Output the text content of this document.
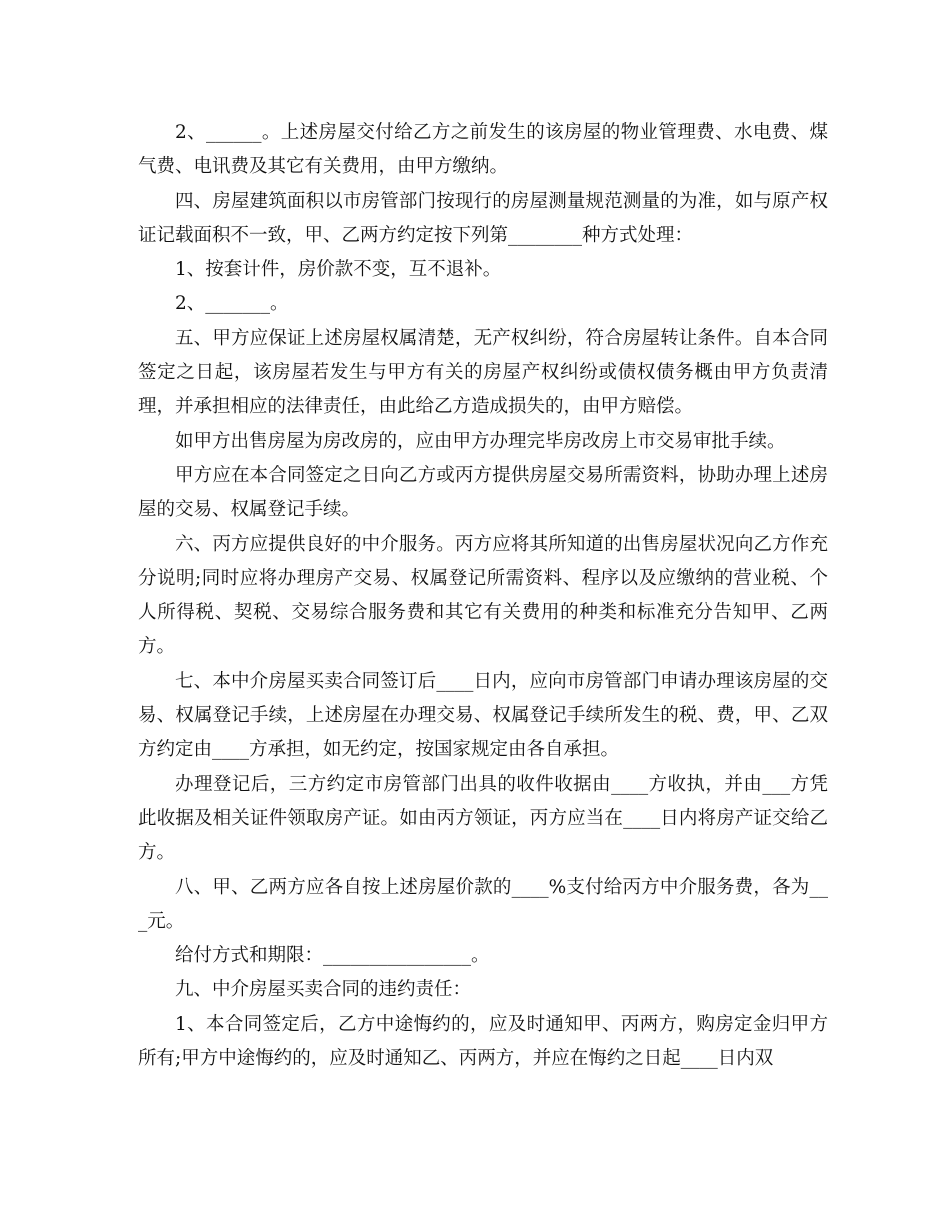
2、______。上述房屋交付给乙方之前发生的该房屋的物业管理费、水电费、煤气费、电讯费及其它有关费用，由甲方缴纳。

四、房屋建筑面积以市房管部门按现行的房屋测量规范测量的为准，如与原产权证记载面积不一致，甲、乙两方约定按下列第________种方式处理：

1、按套计件，房价款不变，互不退补。

2、_______。

五、甲方应保证上述房屋权属清楚，无产权纠纷，符合房屋转让条件。自本合同签定之日起，该房屋若发生与甲方有关的房屋产权纠纷或债权债务概由甲方负责清理，并承担相应的法律责任，由此给乙方造成损失的，由甲方赔偿。

如甲方出售房屋为房改房的，应由甲方办理完毕房改房上市交易审批手续。

甲方应在本合同签定之日向乙方或丙方提供房屋交易所需资料，协助办理上述房屋的交易、权属登记手续。

六、丙方应提供良好的中介服务。丙方应将其所知道的出售房屋状况向乙方作充分说明;同时应将办理房产交易、权属登记所需资料、程序以及应缴纳的营业税、个人所得税、契税、交易综合服务费和其它有关费用的种类和标准充分告知甲、乙两方。

七、本中介房屋买卖合同签订后____日内，应向市房管部门申请办理该房屋的交易、权属登记手续，上述房屋在办理交易、权属登记手续所发生的税、费，甲、乙双方约定由____方承担，如无约定，按国家规定由各自承担。

办理登记后，三方约定市房管部门出具的收件收据由____方收执，并由___方凭此收据及相关证件领取房产证。如由丙方领证，丙方应当在____日内将房产证交给乙方。

八、甲、乙两方应各自按上述房屋价款的____%支付给丙方中介服务费，各为___元。

给付方式和期限：________________。

九、中介房屋买卖合同的违约责任：

1、本合同签定后，乙方中途悔约的，应及时通知甲、丙两方，购房定金归甲方所有;甲方中途悔约的，应及时通知乙、丙两方，并应在悔约之日起____日内双
